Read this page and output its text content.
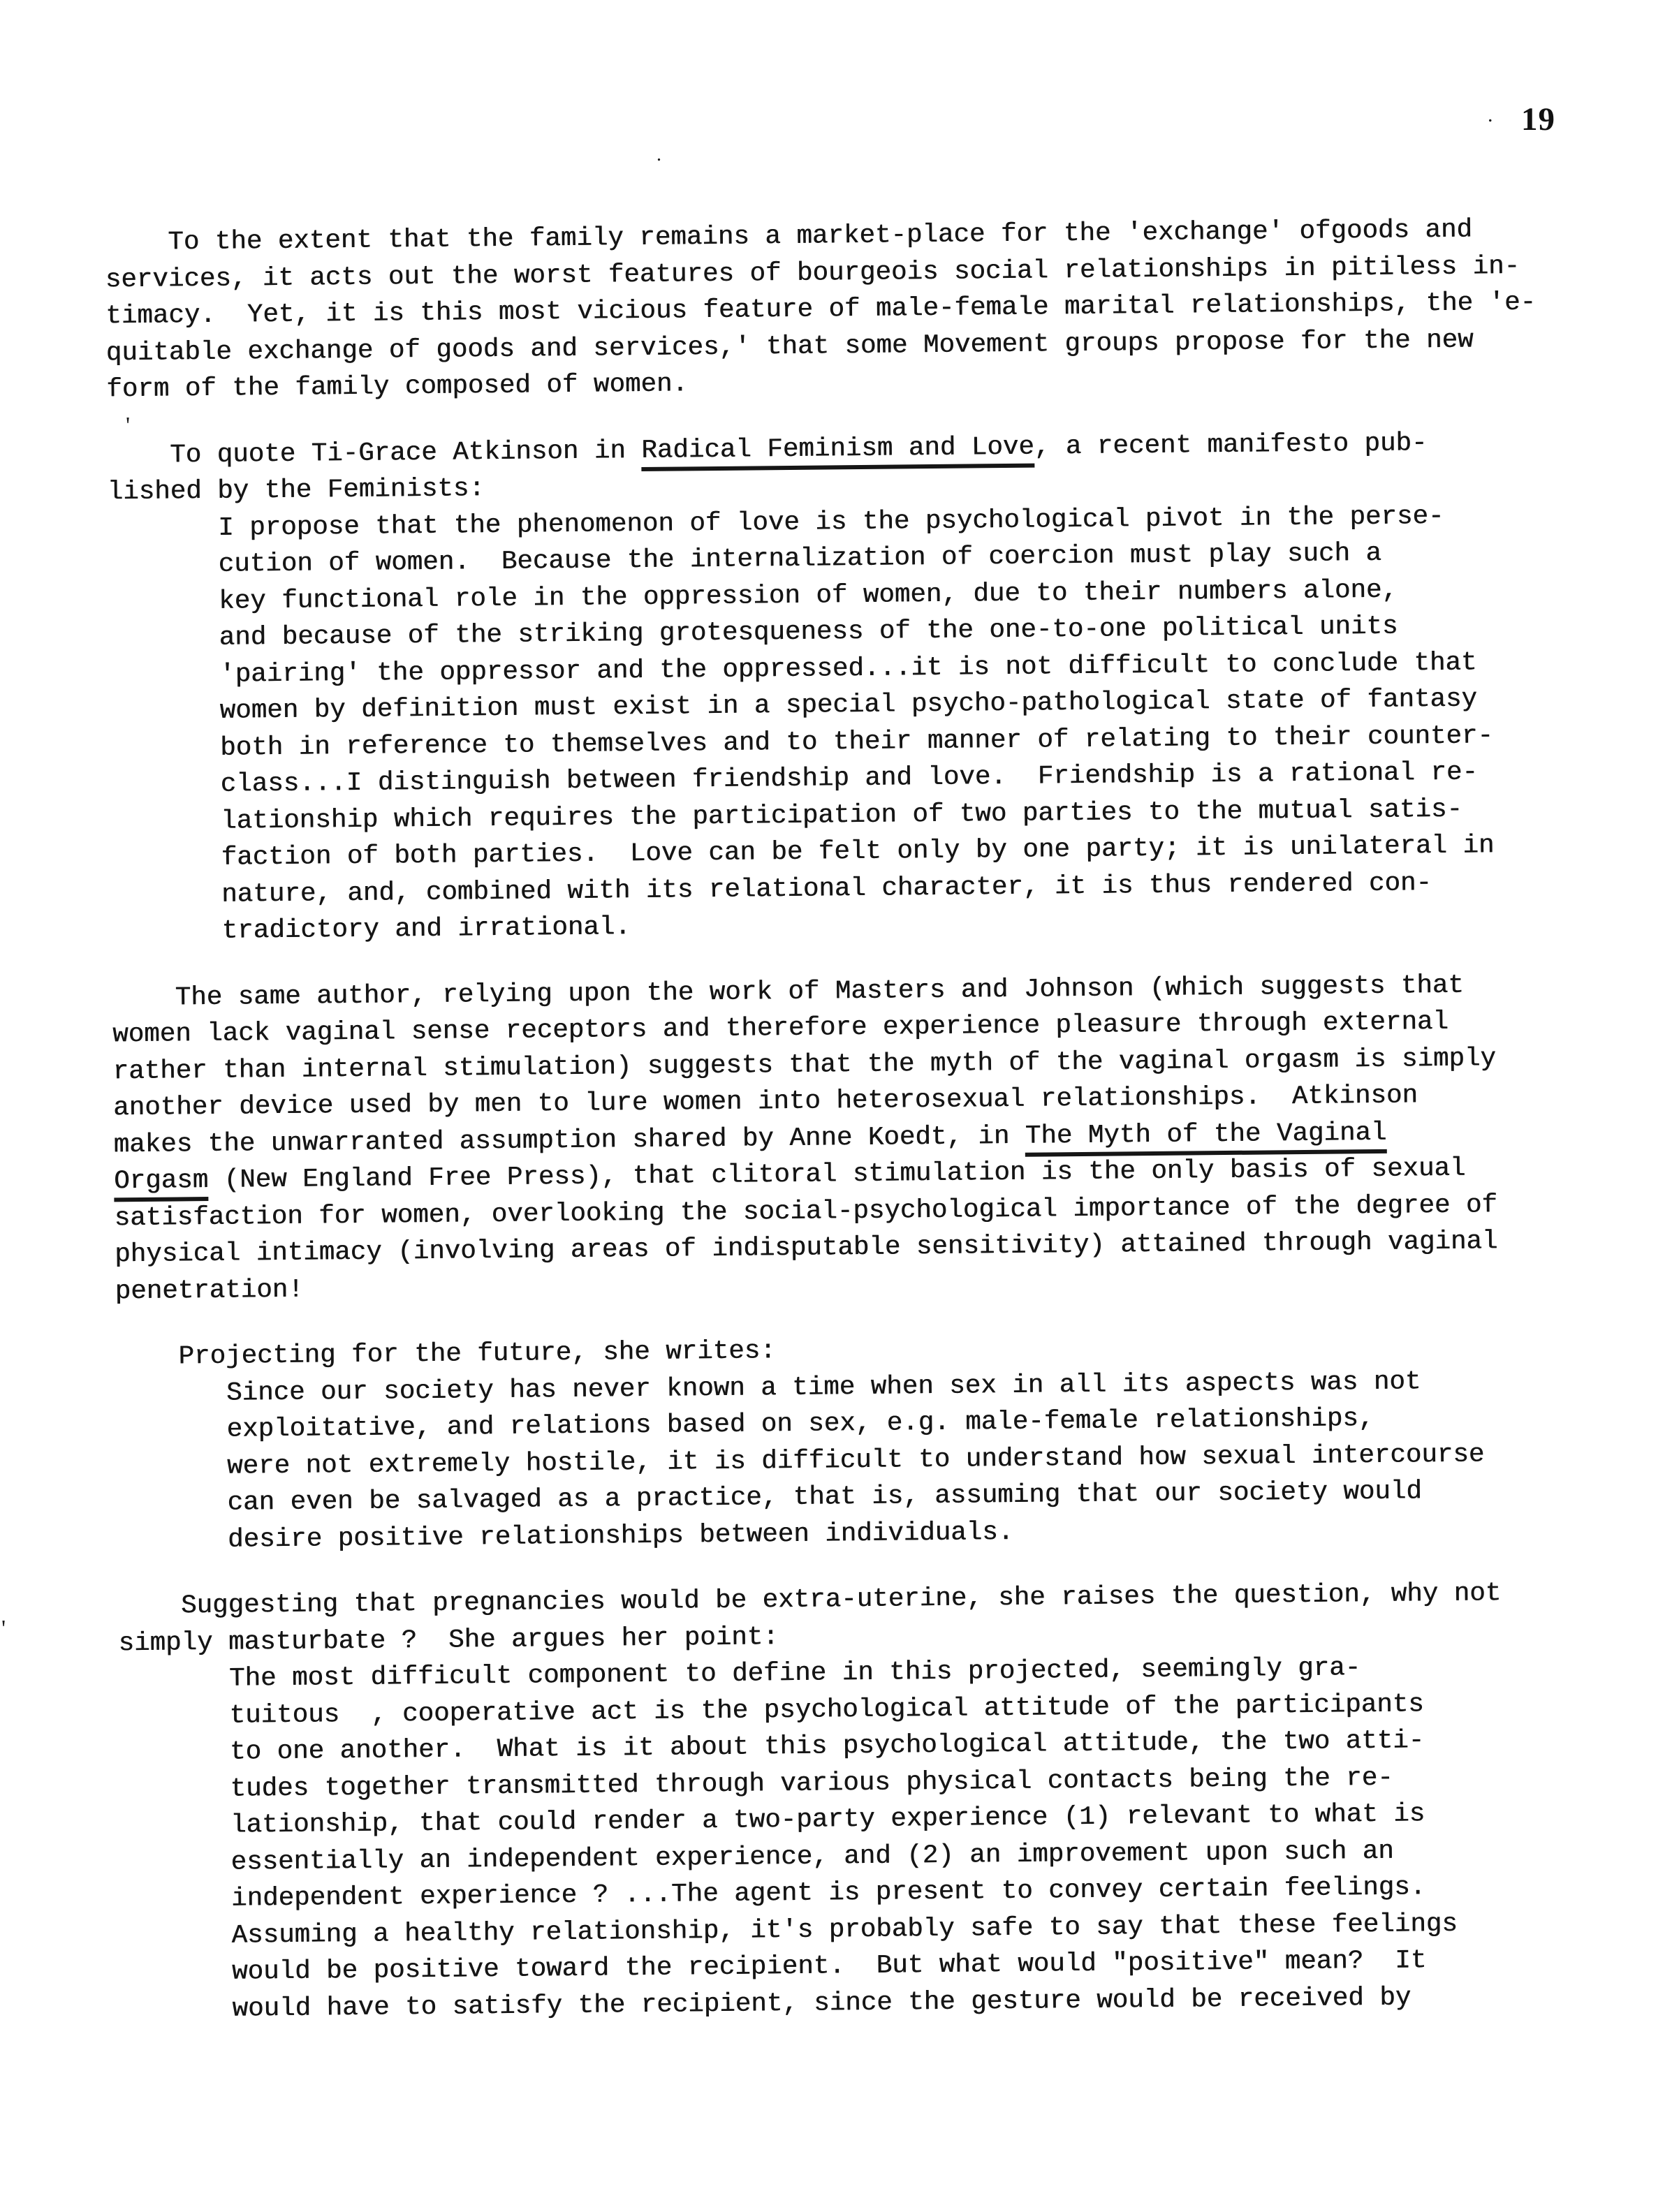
19
To the extent that the family remains a market-place for the 'exchange' ofgoods and
services, it acts out the worst features of bourgeois social relationships in pitiless in-
timacy.  Yet, it is this most vicious feature of male-female marital relationships, the 'e-
quitable exchange of goods and services,' that some Movement groups propose for the new
form of the family composed of women.
To quote Ti-Grace Atkinson in Radical Feminism and Love, a recent manifesto pub-
lished by the Feminists:
I propose that the phenomenon of love is the psychological pivot in the perse-
cution of women.  Because the internalization of coercion must play such a
key functional role in the oppression of women, due to their numbers alone,
and because of the striking grotesqueness of the one-to-one political units
'pairing' the oppressor and the oppressed...it is not difficult to conclude that
women by definition must exist in a special psycho-pathological state of fantasy
both in reference to themselves and to their manner of relating to their counter-
class...I distinguish between friendship and love.  Friendship is a rational re-
lationship which requires the participation of two parties to the mutual satis-
faction of both parties.  Love can be felt only by one party; it is unilateral in
nature, and, combined with its relational character, it is thus rendered con-
tradictory and irrational.
The same author, relying upon the work of Masters and Johnson (which suggests that
women lack vaginal sense receptors and therefore experience pleasure through external
rather than internal stimulation) suggests that the myth of the vaginal orgasm is simply
another device used by men to lure women into heterosexual relationships.  Atkinson
makes the unwarranted assumption shared by Anne Koedt, in The Myth of the Vaginal
Orgasm (New England Free Press), that clitoral stimulation is the only basis of sexual
satisfaction for women, overlooking the social-psychological importance of the degree of
physical intimacy (involving areas of indisputable sensitivity) attained through vaginal
penetration!
Projecting for the future, she writes:
Since our society has never known a time when sex in all its aspects was not
exploitative, and relations based on sex, e.g. male-female relationships,
were not extremely hostile, it is difficult to understand how sexual intercourse
can even be salvaged as a practice, that is, assuming that our society would
desire positive relationships between individuals.
Suggesting that pregnancies would be extra-uterine, she raises the question, why not
simply masturbate ?  She argues her point:
The most difficult component to define in this projected, seemingly gra-
tuitous  , cooperative act is the psychological attitude of the participants
to one another.  What is it about this psychological attitude, the two atti-
tudes together transmitted through various physical contacts being the re-
lationship, that could render a two-party experience (1) relevant to what is
essentially an independent experience, and (2) an improvement upon such an
independent experience ? ...The agent is present to convey certain feelings.
Assuming a healthy relationship, it's probably safe to say that these feelings
would be positive toward the recipient.  But what would "positive" mean?  It
would have to satisfy the recipient, since the gesture would be received by
'
.
'
.
